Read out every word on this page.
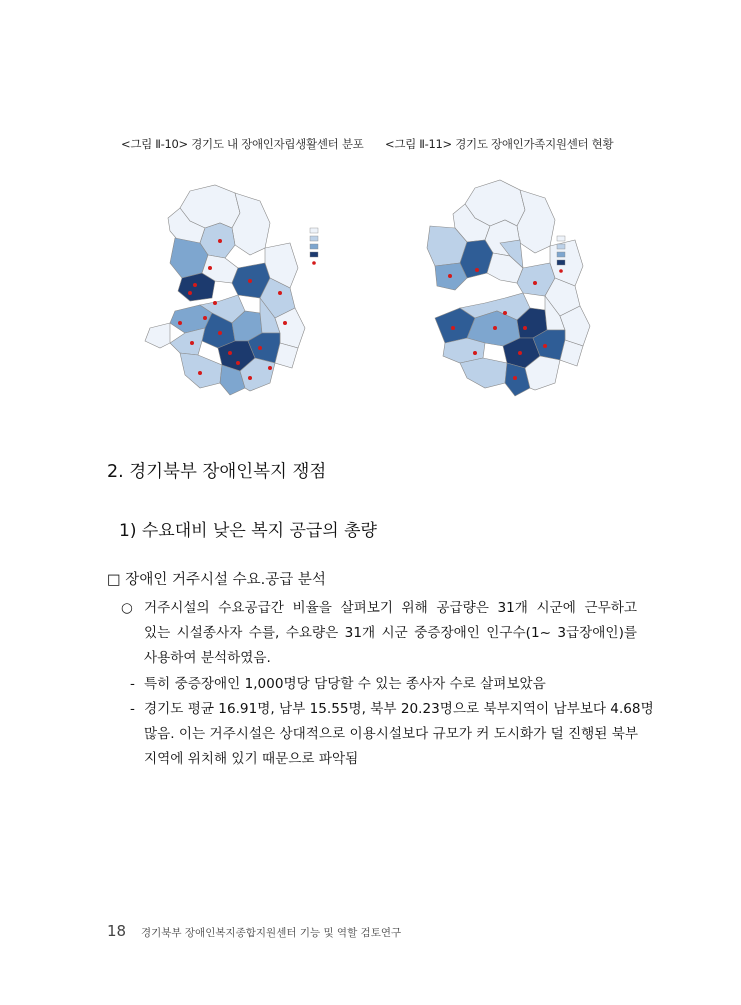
<그림 Ⅱ-10> 경기도 내 장애인자립생활센터 분포 <그림 Ⅱ-11> 경기도 장애인가족지원센터 현황
2. 경기북부 장애인복지 쟁점
1) 수요대비 낮은 복지 공급의 총량
□ 장애인 거주시설 수요.공급 분석
○ 거주시설의 수요공급간 비율을 살펴보기 위해 공급량은 31개 시군에 근무하고
있는 시설종사자 수를, 수요량은 31개 시군 중증장애인 인구수(1~ 3급장애인)를
사용하여 분석하였음.
- 특히 중증장애인 1,000명당 담당할 수 있는 종사자 수로 살펴보았음
- 경기도 평균 16.91명, 남부 15.55명, 북부 20.23명으로 북부지역이 남부보다 4.68명
많음. 이는 거주시설은 상대적으로 이용시설보다 규모가 커 도시화가 덜 진행된 북부
지역에 위치해 있기 때문으로 파악됨
18 경기북부 장애인복지종합지원센터 기능 및 역할 검토연구
